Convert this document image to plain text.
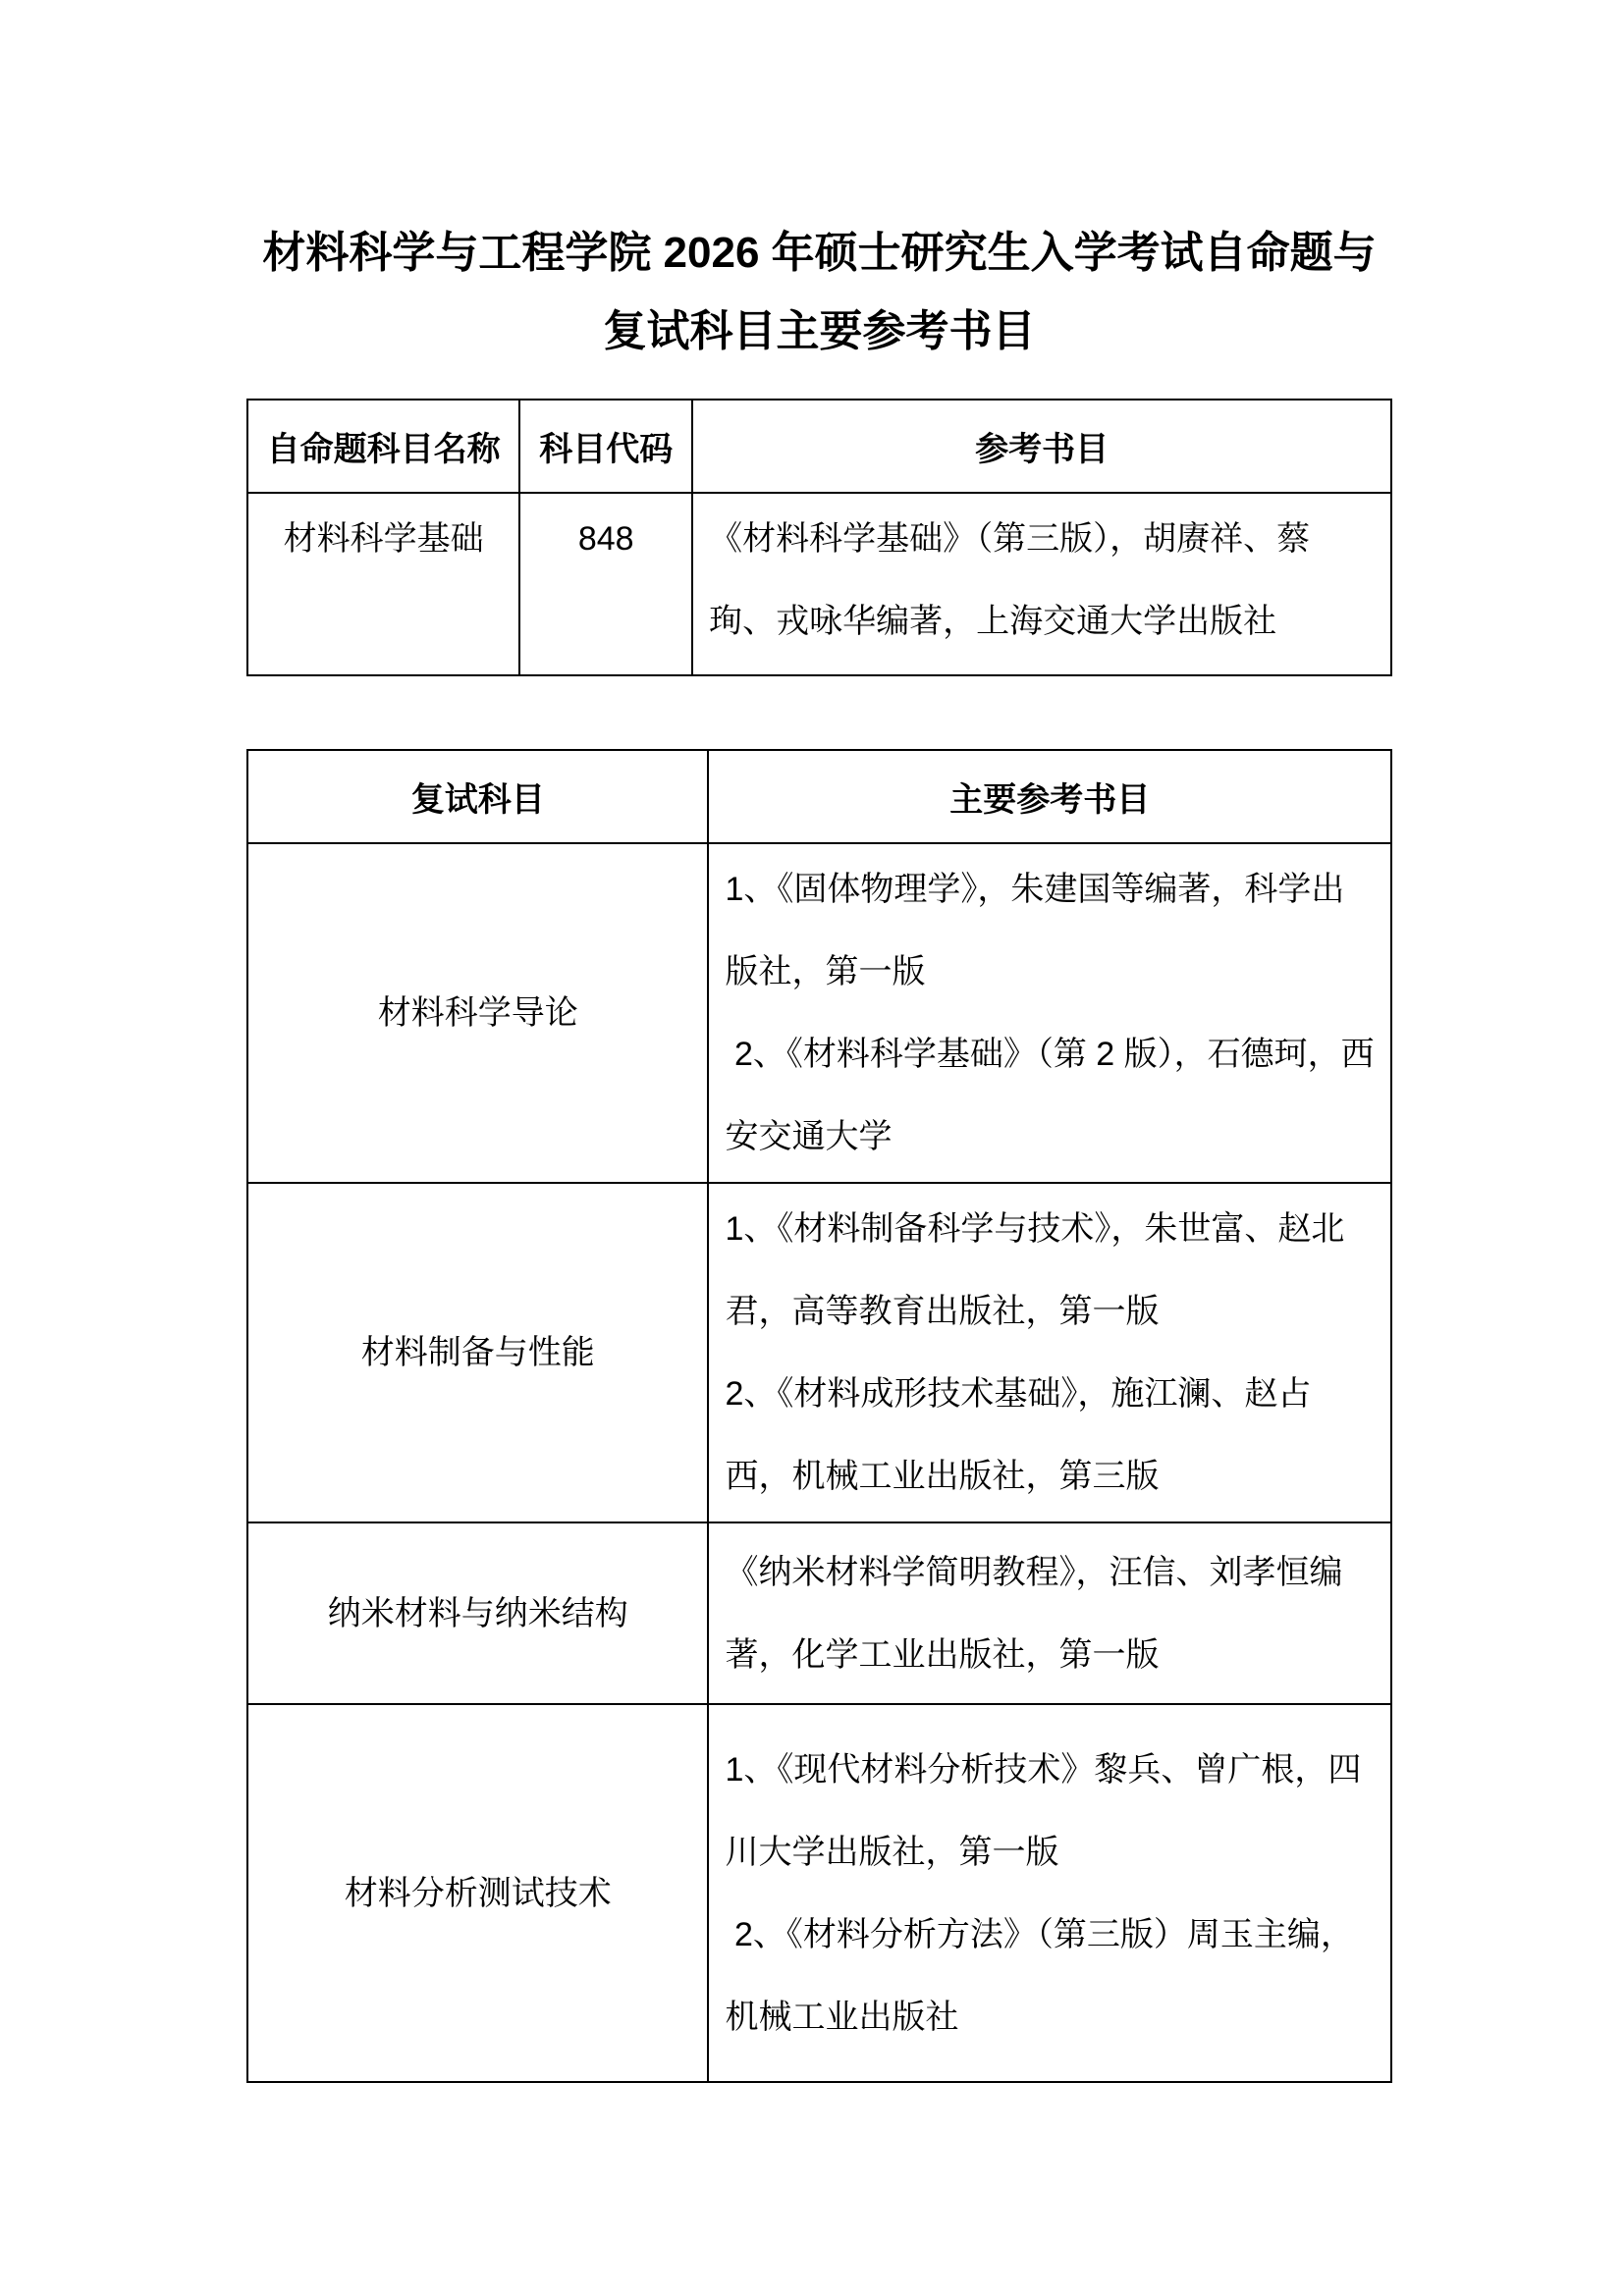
材料科学与工程学院 2026 年硕士研究生入学考试自命题与
复试科目主要参考书目
自命题科目名称	科目代码	参考书目
材料科学基础	848	《材料科学基础》（第三版），胡赓祥、蔡珣、戎咏华编著，上海交通大学出版社
复试科目	主要参考书目
材料科学导论	1、《固体物理学》，朱建国等编著，科学出版社，第一版
2、《材料科学基础》（第 2 版），石德珂，西安交通大学

材料制备与性能	1、《材料制备科学与技术》，朱世富、赵北君，高等教育出版社，第一版
2、《材料成形技术基础》，施江澜、赵占西，机械工业出版社，第三版

纳米材料与纳米结构	《纳米材料学简明教程》，汪信、刘孝恒编著，化学工业出版社，第一版

材料分析测试技术	1、《现代材料分析技术》黎兵、曾广根，四川大学出版社，第一版
2、《材料分析方法》（第三版）周玉主编，机械工业出版社
